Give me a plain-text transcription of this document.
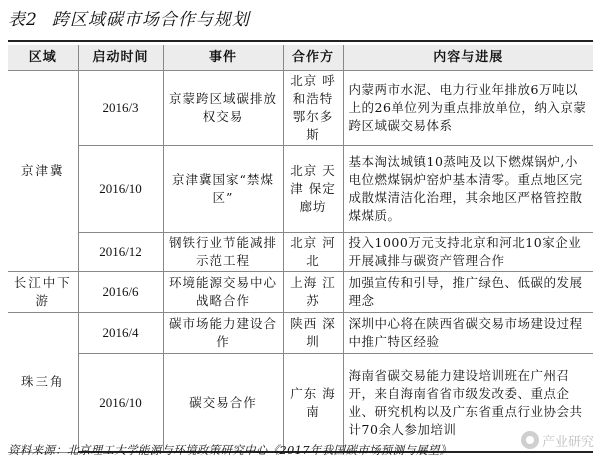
表2 跨区域碳市场合作与规划
区域	启动时间	事件	合作方	内容与进展
京津冀	2016/3	京蒙跨区域碳排放权交易	北京 呼和浩特 鄂尔多斯	内蒙两市水泥、电力行业年排放6万吨以上的26单位列为重点排放单位，纳入京蒙跨区域碳交易体系
	2016/10	京津冀国家“禁煤区”	北京 天津 保定 廊坊	基本淘汰城镇10蒸吨及以下燃煤锅炉,小电位燃煤锅炉窑炉基本清零。重点地区完成散煤清洁化治理，其余地区严格管控散煤煤质。
	2016/12	钢铁行业节能减排示范工程	北京 河北	投入1000万元支持北京和河北10家企业开展减排与碳资产管理合作
长江中下游	2016/6	环境能源交易中心战略合作	上海 江苏	加强宣传和引导，推广绿色、低碳的发展理念
珠三角	2016/4	碳市场能力建设合作	陕西 深圳	深圳中心将在陕西省碳交易市场建设过程中推广特区经验
	2016/10	碳交易合作	广东 海南	海南省碳交易能力建设培训班在广州召开，来自海南省省市级发改委、重点企业、研究机构以及广东省重点行业协会共计70余人参加培训
资料来源：北京理工大学能源与环境政策研究中心《2017年我国碳市场预测与展望》
产业研究
